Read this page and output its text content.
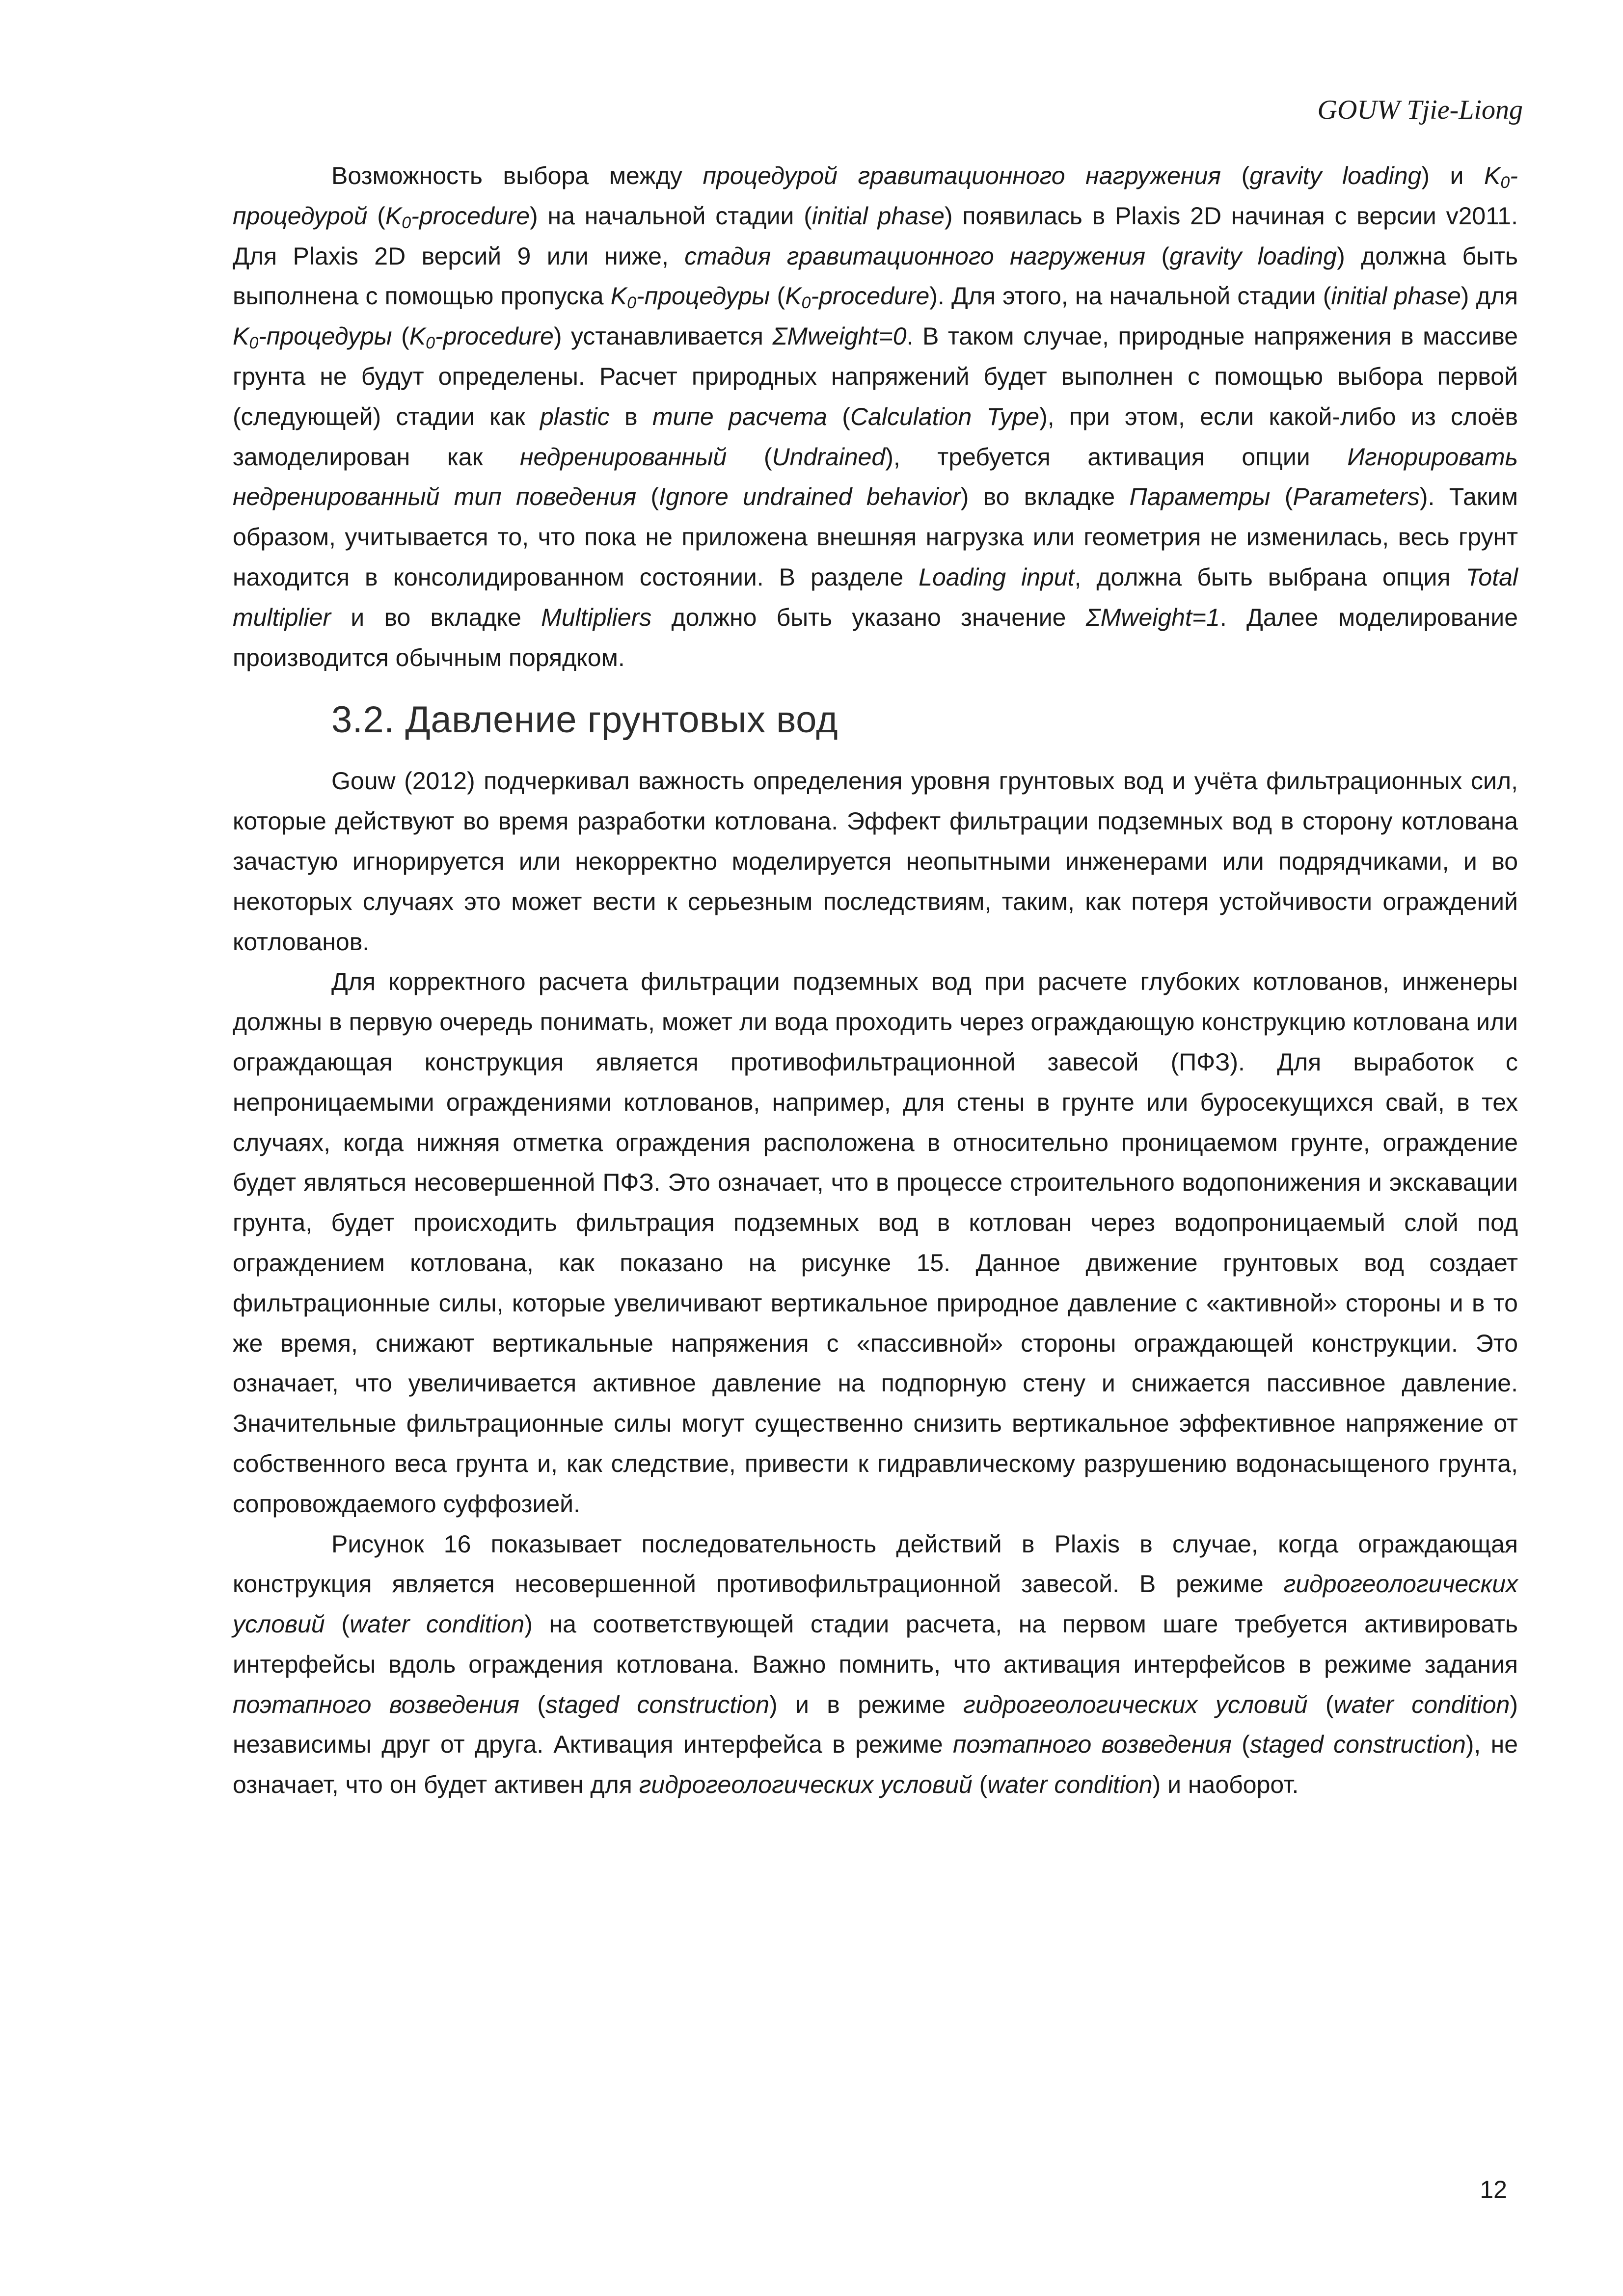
GOUW Tjie-Liong

Возможность выбора между процедурой гравитационного нагружения (gravity loading) и $K_0$-процедурой $(K_0-procedure)$ на начальной стадии (initial phase) появилась в Plaxis 2D начиная с версии v2011. Для Plaxis 2D версий 9 или ниже, стадия гравитационного нагружения (gravity loading) должна быть выполнена с помощью пропуска $K_0$-процедуры $(K_0-procedure)$. Для этого, на начальной стадии (initial phase) для $K_0$-процедуры $(K_0-procedure)$ устанавливается ΣMweight=0. В таком случае, природные напряжения в массиве грунта не будут определены. Расчет природных напряжений будет выполнен с помощью выбора первой (следующей) стадии как plastic в типе расчета (Calculation Type), при этом, если какой-либо из слоёв замоделирован как недренированный (Undrained), требуется активация опции Игнорировать недренированный тип поведения (Ignore undrained behavior) во вкладке Параметры (Parameters). Таким образом, учитывается то, что пока не приложена внешняя нагрузка или геометрия не изменилась, весь грунт находится в консолидированном состоянии. В разделе Loading input, должна быть выбрана опция Total multiplier и во вкладке Multipliers должно быть указано значение ΣMweight=1. Далее моделирование производится обычным порядком.

3.2. Давление грунтовых вод

Gouw (2012) подчеркивал важность определения уровня грунтовых вод и учёта фильтрационных сил, которые действуют во время разработки котлована. Эффект фильтрации подземных вод в сторону котлована зачастую игнорируется или некорректно моделируется неопытными инженерами или подрядчиками, и во некоторых случаях это может вести к серьезным последствиям, таким, как потеря устойчивости ограждений котлованов.

Для корректного расчета фильтрации подземных вод при расчете глубоких котлованов, инженеры должны в первую очередь понимать, может ли вода проходить через ограждающую конструкцию котлована или ограждающая конструкция является противофильтрационной завесой (ПФЗ). Для выработок с непроницаемыми ограждениями котлованов, например, для стены в грунте или буросекущихся свай, в тех случаях, когда нижняя отметка ограждения расположена в относительно проницаемом грунте, ограждение будет являться несовершенной ПФЗ. Это означает, что в процессе строительного водопонижения и экскавации грунта, будет происходить фильтрация подземных вод в котлован через водопроницаемый слой под ограждением котлована, как показано на рисунке 15. Данное движение грунтовых вод создает фильтрационные силы, которые увеличивают вертикальное природное давление с «активной» стороны и в то же время, снижают вертикальные напряжения с «пассивной» стороны ограждающей конструкции. Это означает, что увеличивается активное давление на подпорную стену и снижается пассивное давление. Значительные фильтрационные силы могут существенно снизить вертикальное эффективное напряжение от собственного веса грунта и, как следствие, привести к гидравлическому разрушению водонасыщеного грунта, сопровождаемого суффозией.

Рисунок 16 показывает последовательность действий в Plaxis в случае, когда ограждающая конструкция является несовершенной противофильтрационной завесой. В режиме гидрогеологических условий (water condition) на соответствующей стадии расчета, на первом шаге требуется активировать интерфейсы вдоль ограждения котлована. Важно помнить, что активация интерфейсов в режиме задания поэтапного возведения (staged construction) и в режиме гидрогеологических условий (water condition) независимы друг от друга. Активация интерфейса в режиме поэтапного возведения (staged construction), не означает, что он будет активен для гидрогеологических условий (water condition) и наоборот.

12
